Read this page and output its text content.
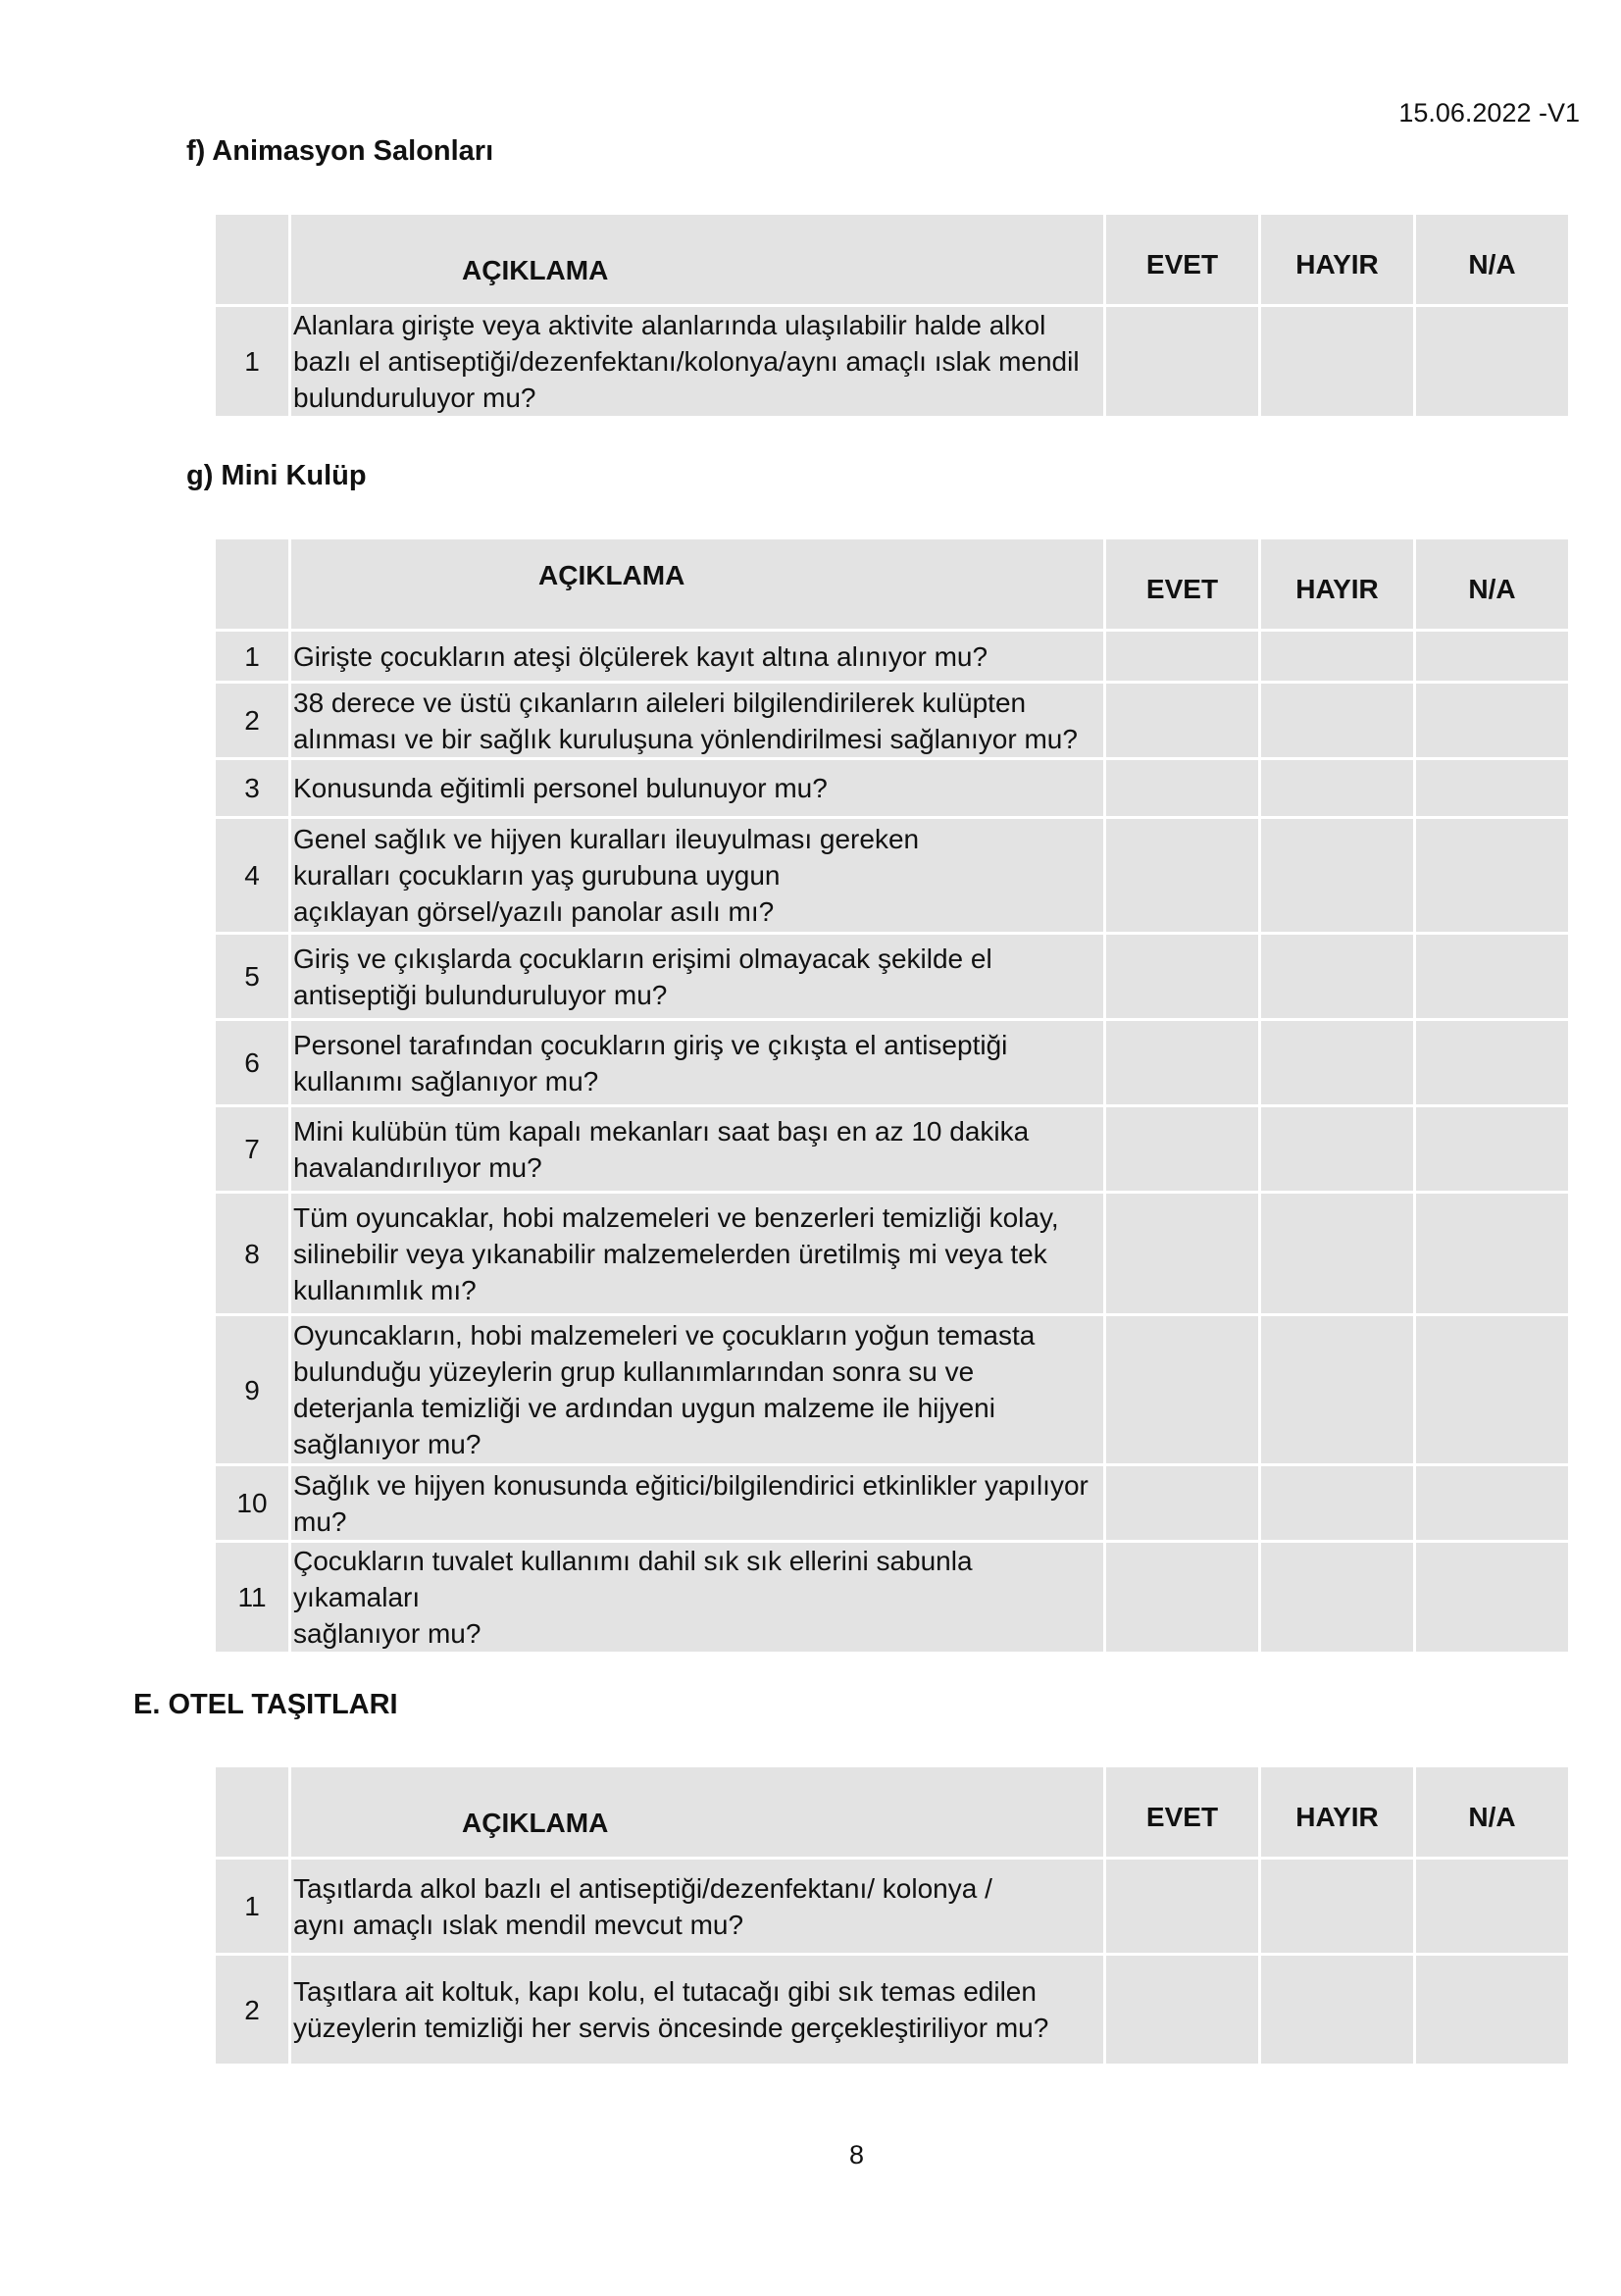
15.06.2022 -V1
f) Animasyon Salonları
	AÇIKLAMA	EVET	HAYIR	N/A
1	Alanlara girişte veya aktivite alanlarında ulaşılabilir halde alkol
bazlı el antiseptiği/dezenfektanı/kolonya/aynı amaçlı ıslak mendil
bulunduruluyor mu?			

g) Mini Kulüp
	AÇIKLAMA	EVET	HAYIR	N/A
1	Girişte çocukların ateşi ölçülerek kayıt altına alınıyor mu?			

2	38 derece ve üstü çıkanların aileleri bilgilendirilerek kulüpten
alınması ve bir sağlık kuruluşuna yönlendirilmesi sağlanıyor mu?			

3	Konusunda eğitimli personel bulunuyor mu?			

4	Genel sağlık ve hijyen kuralları ileuyulması gereken
kuralları çocukların yaş gurubuna uygun
açıklayan görsel/yazılı panolar asılı mı?			

5	Giriş ve çıkışlarda çocukların erişimi olmayacak şekilde el
antiseptiği bulunduruluyor mu?			

6	Personel tarafından çocukların giriş ve çıkışta el antiseptiği
kullanımı sağlanıyor mu?			

7	Mini kulübün tüm kapalı mekanları saat başı en az 10 dakika
havalandırılıyor mu?			

8	Tüm oyuncaklar, hobi malzemeleri ve benzerleri temizliği kolay,
silinebilir veya yıkanabilir malzemelerden üretilmiş mi veya tek
kullanımlık mı?			

9	Oyuncakların, hobi malzemeleri ve çocukların yoğun temasta
bulunduğu yüzeylerin grup kullanımlarından sonra su ve
deterjanla temizliği ve ardından uygun malzeme ile hijyeni
sağlanıyor mu?			

10	Sağlık ve hijyen konusunda eğitici/bilgilendirici etkinlikler yapılıyor
mu?			

11	Çocukların tuvalet kullanımı dahil sık sık ellerini sabunla yıkamaları
sağlanıyor mu?			

E. OTEL TAŞITLARI
	AÇIKLAMA	EVET	HAYIR	N/A
1	Taşıtlarda alkol bazlı el antiseptiği/dezenfektanı/ kolonya /
aynı amaçlı ıslak mendil mevcut mu?			

2	Taşıtlara ait koltuk, kapı kolu, el tutacağı gibi sık temas edilen
yüzeylerin temizliği her servis öncesinde gerçekleştiriliyor mu?			

8
